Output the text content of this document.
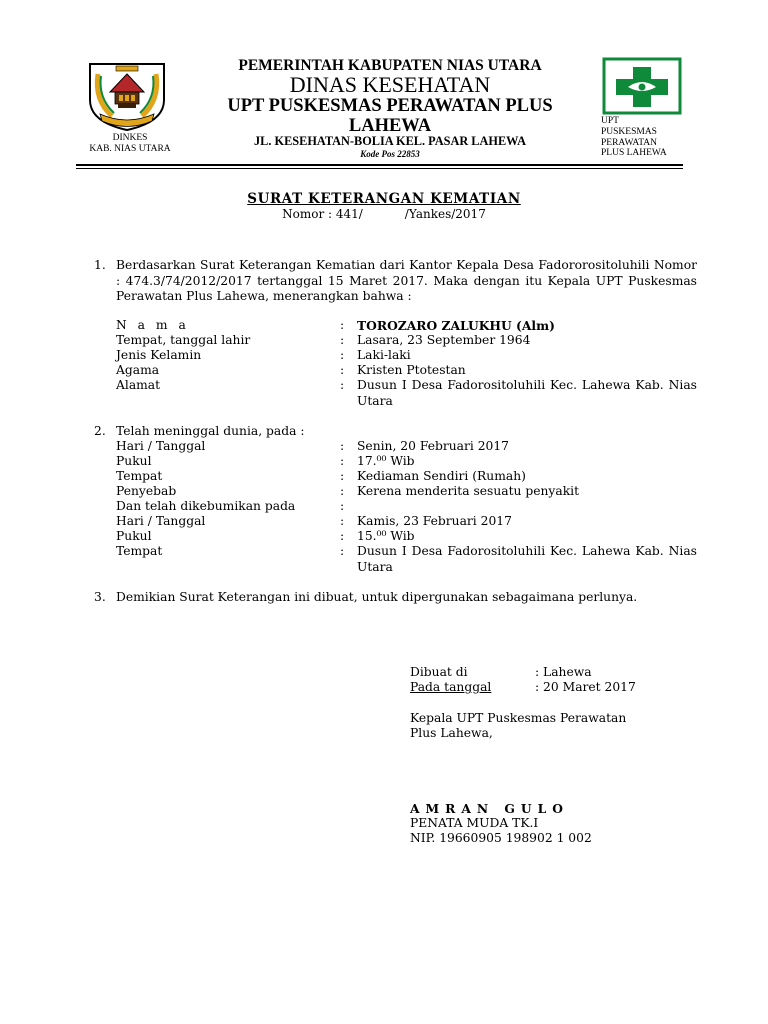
DINKES
KAB. NIAS UTARA
PEMERINTAH KABUPATEN NIAS UTARA
DINAS KESEHATAN
UPT PUSKESMAS PERAWATAN PLUS
LAHEWA
JL. KESEHATAN-BOLIA KEL. PASAR LAHEWA
Kode Pos 22853
UPT
PUSKESMAS
PERAWATAN
PLUS LAHEWA
SURAT KETERANGAN KEMATIAN
Nomor : 441/           /Yankes/2017
1. Berdasarkan Surat Keterangan Kematian dari Kantor Kepala Desa Fadororositoluhili Nomor : 474.3/74/2012/2017 tertanggal 15 Maret 2017. Maka dengan itu Kepala UPT Puskesmas Perawatan Plus Lahewa, menerangkan bahwa :
N a m a	: TOROZARO ZALUKHU (Alm)
Tempat, tanggal lahir	: Lasara, 23 September 1964
Jenis Kelamin	: Laki-laki
Agama	: Kristen Ptotestan
Alamat	: Dusun I Desa Fadorositoluhili Kec. Lahewa Kab. Nias Utara
2. Telah meninggal dunia, pada :
Hari / Tanggal	: Senin, 20 Februari 2017
Pukul	: 17.⁰⁰ Wib
Tempat	: Kediaman Sendiri (Rumah)
Penyebab	: Kerena menderita sesuatu penyakit
Dan telah dikebumikan pada	:
Hari / Tanggal	: Kamis, 23 Februari 2017
Pukul	: 15.⁰⁰ Wib
Tempat	: Dusun I Desa Fadorositoluhili Kec. Lahewa Kab. Nias Utara
3. Demikian Surat Keterangan ini dibuat, untuk dipergunakan sebagaimana perlunya.
Dibuat di	: Lahewa
Pada tanggal	: 20 Maret 2017
Kepala UPT Puskesmas Perawatan
Plus Lahewa,
AMRAN GULO
PENATA MUDA TK.I
NIP. 19660905 198902 1 002
